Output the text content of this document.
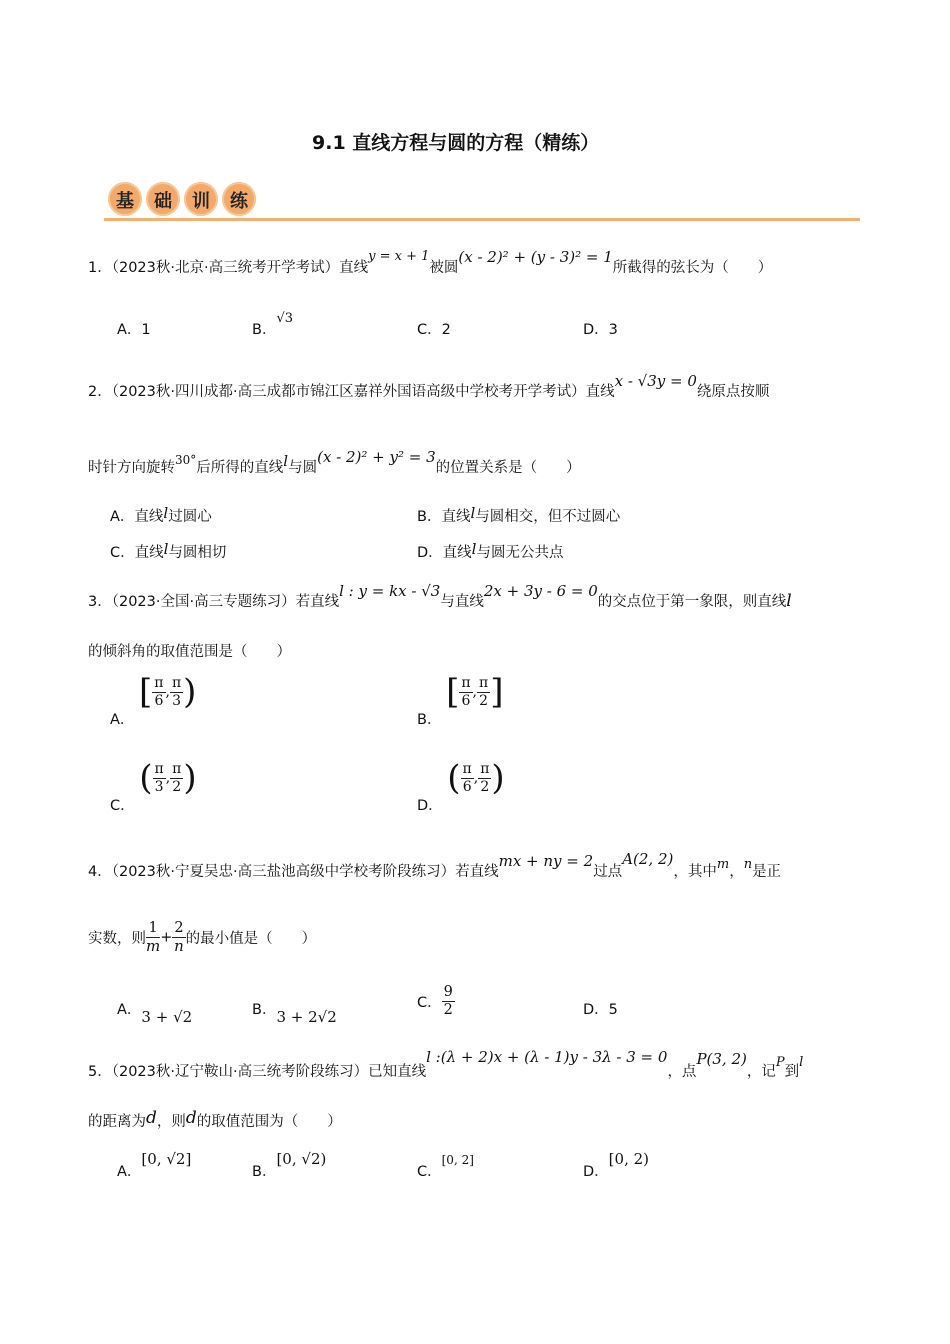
9.1 直线方程与圆的方程（精练）
基	础	训	练
1．（2023秋·北京·高三统考开学考试）直线y = x + 1被圆(x - 2)² + (y - 3)² = 1所截得的弦长为（　　）
A．1	B．√3
C．2	D．3
2．（2023秋·四川成都·高三成都市锦江区嘉祥外国语高级中学校考开学考试）直线x - √3y = 0绕原点按顺
时针方向旋转$^{30^\circ}$后所得的直线l与圆(x - 2)² + y² = 3的位置关系是（　　）
A．直线l过圆心	B．直线l与圆相交，但不过圆心
C．直线l与圆相切	D．直线l与圆无公共点
3．（2023·全国·高三专题练习）若直线l : y = kx - √3与直线2x + 3y - 6 = 0的交点位于第一象限，则直线l
的倾斜角的取值范围是（　　）
A． [ $\frac{\pi}{6}$ , $\frac{\pi}{3}$ )
B． [ $\frac{\pi}{6}$ , $\frac{\pi}{2}$ ]
C． ( $\frac{\pi}{3}$ , $\frac{\pi}{2}$ )
D． ( $\frac{\pi}{6}$ , $\frac{\pi}{2}$ )
4．（2023秋·宁夏吴忠·高三盐池高级中学校考阶段练习）若直线mx + ny = 2过点A(2, 2)，其中m，n是正
实数，则 $\frac{1}{m} + \frac{2}{n}$ 的最小值是（　　）
A．3 + √2	B．3 + 2√2
C． $\frac{9}{2}$	D．5
5．（2023秋·辽宁鞍山·高三统考阶段练习）已知直线l :(λ + 2)x + (λ - 1)y - 3λ - 3 = 0，点P(3, 2)，记P到l
的距离为d，则d的取值范围为（　　）
A．[0, √2]
B．[0, √2)
C．[0, 2]
D．[0, 2)
